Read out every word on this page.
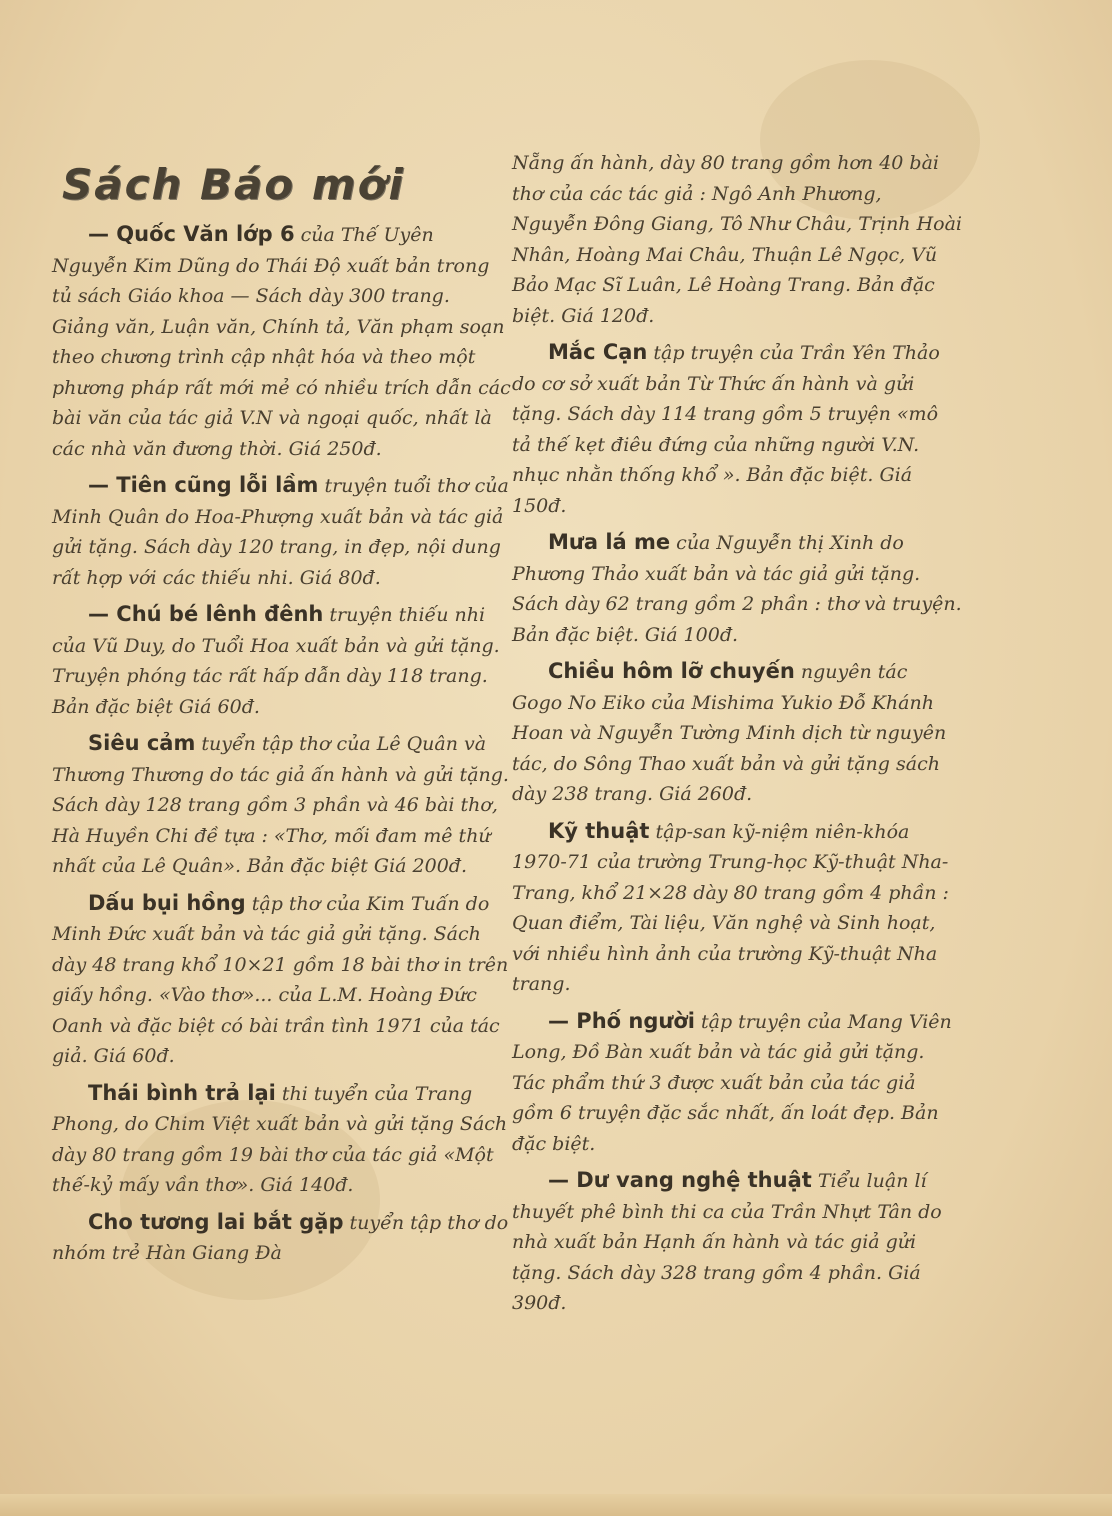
Sách Báo mới

— Quốc Văn lớp 6 của Thế Uyên Nguyễn Kim Dũng do Thái Độ xuất bản trong tủ sách Giáo khoa — Sách dày 300 trang. Giảng văn, Luận văn, Chính tả, Văn phạm soạn theo chương trình cập nhật hóa và theo một phương pháp rất mới mẻ có nhiều trích dẫn các bài văn của tác giả V.N và ngoại quốc, nhất là các nhà văn đương thời. Giá 250đ.

— Tiên cũng lỗi lầm truyện tuổi thơ của Minh Quân do Hoa-Phượng xuất bản và tác giả gửi tặng. Sách dày 120 trang, in đẹp, nội dung rất hợp với các thiếu nhi. Giá 80đ.

— Chú bé lênh đênh truyện thiếu nhi của Vũ Duy, do Tuổi Hoa xuất bản và gửi tặng. Truyện phóng tác rất hấp dẫn dày 118 trang. Bản đặc biệt Giá 60đ.

Siêu cảm tuyển tập thơ của Lê Quân và Thương Thương do tác giả ấn hành và gửi tặng. Sách dày 128 trang gồm 3 phần và 46 bài thơ, Hà Huyền Chi đề tựa : «Thơ, mối đam mê thứ nhất của Lê Quân». Bản đặc biệt Giá 200đ.

Dấu bụi hồng tập thơ của Kim Tuấn do Minh Đức xuất bản và tác giả gửi tặng. Sách dày 48 trang khổ 10×21 gồm 18 bài thơ in trên giấy hồng. «Vào thơ»... của L.M. Hoàng Đức Oanh và đặc biệt có bài trần tình 1971 của tác giả. Giá 60đ.

Thái bình trả lại thi tuyển của Trang Phong, do Chim Việt xuất bản và gửi tặng Sách dày 80 trang gồm 19 bài thơ của tác giả «Một thế-kỷ mấy vần thơ». Giá 140đ.

Cho tương lai bắt gặp tuyển tập thơ do nhóm trẻ Hàn Giang Đà

Nẵng ấn hành, dày 80 trang gồm hơn 40 bài thơ của các tác giả : Ngô Anh Phương, Nguyễn Đông Giang, Tô Như Châu, Trịnh Hoài Nhân, Hoàng Mai Châu, Thuận Lê Ngọc, Vũ Bảo Mạc Sĩ Luân, Lê Hoàng Trang. Bản đặc biệt. Giá 120đ.

Mắc Cạn tập truyện của Trần Yên Thảo do cơ sở xuất bản Từ Thức ấn hành và gửi tặng. Sách dày 114 trang gồm 5 truyện «mô tả thế kẹt điêu đứng của những người V.N. nhục nhằn thống khổ ». Bản đặc biệt. Giá 150đ.

Mưa lá me của Nguyễn thị Xinh do Phương Thảo xuất bản và tác giả gửi tặng. Sách dày 62 trang gồm 2 phần : thơ và truyện. Bản đặc biệt. Giá 100đ.

Chiều hôm lỡ chuyến nguyên tác Gogo No Eiko của Mishima Yukio Đỗ Khánh Hoan và Nguyễn Tường Minh dịch từ nguyên tác, do Sông Thao xuất bản và gửi tặng sách dày 238 trang. Giá 260đ.

Kỹ thuật tập-san kỹ-niệm niên-khóa 1970-71 của trường Trung-học Kỹ-thuật Nha-Trang, khổ 21×28 dày 80 trang gồm 4 phần : Quan điểm, Tài liệu, Văn nghệ và Sinh hoạt, với nhiều hình ảnh của trường Kỹ-thuật Nha trang.

— Phố người tập truyện của Mang Viên Long, Đồ Bàn xuất bản và tác giả gửi tặng. Tác phẩm thứ 3 được xuất bản của tác giả gồm 6 truyện đặc sắc nhất, ấn loát đẹp. Bản đặc biệt.

— Dư vang nghệ thuật Tiểu luận lí thuyết phê bình thi ca của Trần Nhựt Tân do nhà xuất bản Hạnh ấn hành và tác giả gửi tặng. Sách dày 328 trang gồm 4 phần. Giá 390đ.
